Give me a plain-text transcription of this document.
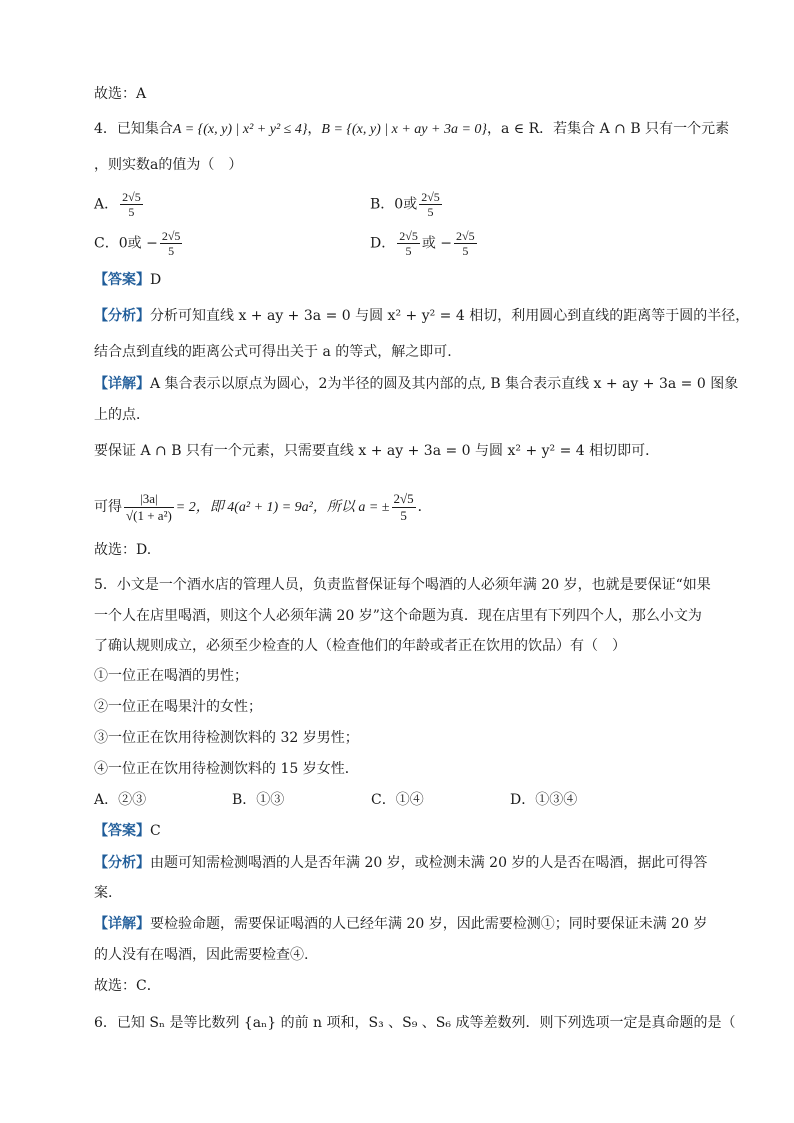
故选：A
4．已知集合A = {(x, y) | x² + y² ≤ 4}，B = {(x, y) | x + ay + 3a = 0}，a ∈ R．若集合 A ∩ B 只有一个元素
，则实数a的值为（　）
A． $\frac{2√5}{5}$	B．0或 $\frac{2√5}{5}$
C．0或 − $\frac{2√5}{5}$	D． $\frac{2√5}{5}$ 或 − $\frac{2√5}{5}$
【答案】D
【分析】分析可知直线 x + ay + 3a = 0 与圆 x² + y² = 4 相切，利用圆心到直线的距离等于圆的半径，
结合点到直线的距离公式可得出关于 a 的等式，解之即可.
【详解】A 集合表示以原点为圆心，2为半径的圆及其内部的点, B 集合表示直线 x + ay + 3a = 0 图象
上的点．
要保证 A ∩ B 只有一个元素，只需要直线 x + ay + 3a = 0 与圆 x² + y² = 4 相切即可．
可得 $\frac{|3a|}{\text{√(1 + a²)}} = 2$，即 4(a² + 1) = 9a²，所以 a = ± $\frac{2√5}{5}$ ．
故选：D.
5．小文是一个酒水店的管理人员，负责监督保证每个喝酒的人必须年满 20 岁，也就是要保证“如果
一个人在店里喝酒，则这个人必须年满 20 岁”这个命题为真．现在店里有下列四个人，那么小文为
了确认规则成立，必须至少检查的人（检查他们的年龄或者正在饮用的饮品）有（　）
①一位正在喝酒的男性；
②一位正在喝果汁的女性；
③一位正在饮用待检测饮料的 32 岁男性；
④一位正在饮用待检测饮料的 15 岁女性．
A．②③	B．①③	C．①④	D．①③④
【答案】C
【分析】由题可知需检测喝酒的人是否年满 20 岁，或检测未满 20 岁的人是否在喝酒，据此可得答
案.
【详解】要检验命题，需要保证喝酒的人已经年满 20 岁，因此需要检测①；同时要保证未满 20 岁
的人没有在喝酒，因此需要检查④.
故选：C．
6．已知 Sₙ 是等比数列 {aₙ} 的前 n 项和，S₃ 、S₉ 、S₆ 成等差数列．则下列选项一定是真命题的是（
